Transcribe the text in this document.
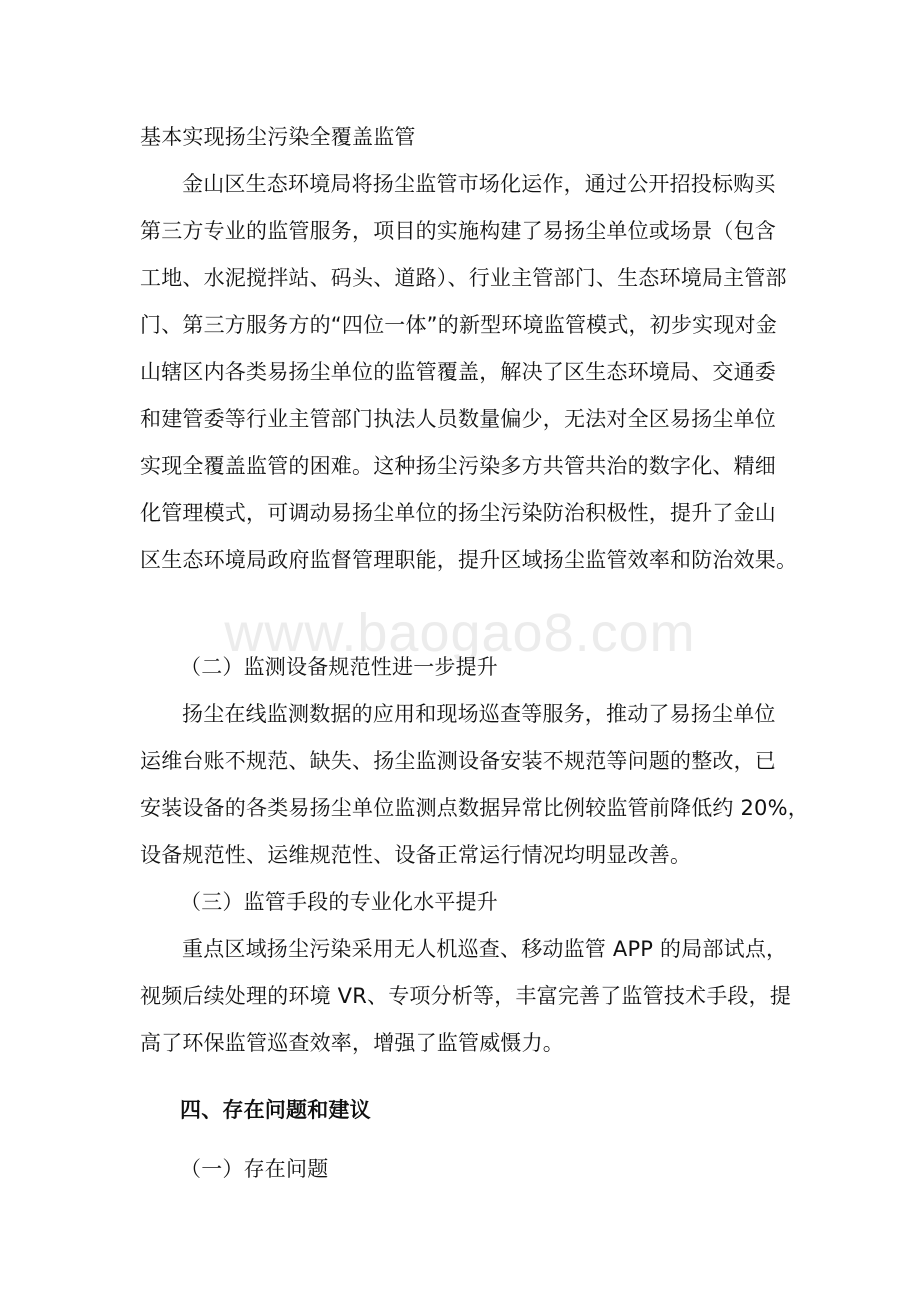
www.baogao8.com
基本实现扬尘污染全覆盖监管
金山区生态环境局将扬尘监管市场化运作，通过公开招投标购买
第三方专业的监管服务，项目的实施构建了易扬尘单位或场景（包含
工地、水泥搅拌站、码头、道路）、行业主管部门、生态环境局主管部
门、第三方服务方的“四位一体”的新型环境监管模式，初步实现对金
山辖区内各类易扬尘单位的监管覆盖，解决了区生态环境局、交通委
和建管委等行业主管部门执法人员数量偏少，无法对全区易扬尘单位
实现全覆盖监管的困难。这种扬尘污染多方共管共治的数字化、精细
化管理模式，可调动易扬尘单位的扬尘污染防治积极性，提升了金山
区生态环境局政府监督管理职能，提升区域扬尘监管效率和防治效果。
（二）监测设备规范性进一步提升
扬尘在线监测数据的应用和现场巡查等服务，推动了易扬尘单位
运维台账不规范、缺失、扬尘监测设备安装不规范等问题的整改，已
安装设备的各类易扬尘单位监测点数据异常比例较监管前降低约 20%，
设备规范性、运维规范性、设备正常运行情况均明显改善。
（三）监管手段的专业化水平提升
重点区域扬尘污染采用无人机巡查、移动监管 APP 的局部试点，
视频后续处理的环境 VR、专项分析等，丰富完善了监管技术手段，提
高了环保监管巡查效率，增强了监管威慑力。
四、存在问题和建议
（一）存在问题
